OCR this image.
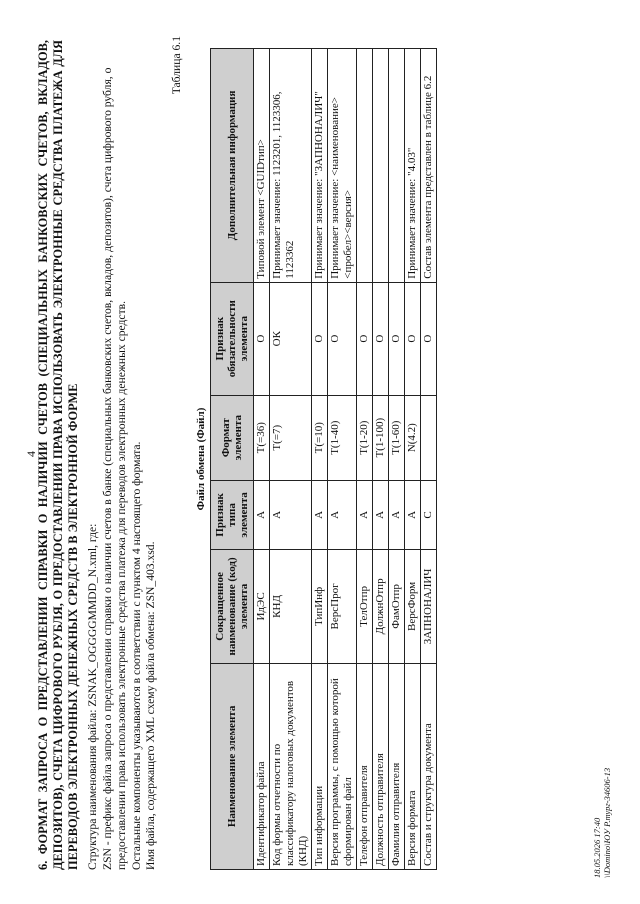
4
6. ФОРМАТ ЗАПРОСА О ПРЕДСТАВЛЕНИИ СПРАВКИ О НАЛИЧИИ СЧЕТОВ (СПЕЦИАЛЬНЫХ БАНКОВСКИХ СЧЕТОВ, ВКЛАДОВ, ДЕПОЗИТОВ), СЧЕТА ЦИФРОВОГО РУБЛЯ, О ПРЕДОСТАВЛЕНИИ ПРАВА ИСПОЛЬЗОВАТЬ ЭЛЕКТРОННЫЕ СРЕДСТВА ПЛАТЕЖА ДЛЯ ПЕРЕВОДОВ ЭЛЕКТРОННЫХ ДЕНЕЖНЫХ СРЕДСТВ В ЭЛЕКТРОННОЙ ФОРМЕ Структура наименования файла: ZSNAK_OGGGGMMDD_N.xml, где: ZSN - префикс файла запроса о представлении справки о наличии счетов в банке (специальных банковских счетов, вкладов, депозитов), счета цифрового рубля, о предоставлении права использовать электронные средства платежа для переводов электронных денежных средств. Остальные компоненты указываются в соответствии с пунктом 4 настоящего формата. Имя файла, содержащего XML схему файла обмена: ZSN_403.xsd.

Таблица 6.1
Файл обмена (Файл)					
Наименование элемента	Сокращенное наименование (код) элемента	Признак типа элемента	Формат элемента	Признак обязательности элемента	Дополнительная информация
Идентификатор файла	ИдЭС	А	T(=36)	О	Типовой элемент <GUIDтип>
Код формы отчетности по классификатору налоговых документов (КНД)	КНД	А	T(=7)	ОК	Принимает значение: 1123201, 1123306, 1123362
Тип информации	ТипИнф	А	T(=10)	О	Принимает значение: "ЗАПНОНАЛИЧ"
Версия программы, с помощью которой сформирован файл	ВерсПрог	А	T(1-40)	О	Принимает значение: <наименование><пробел><версия>
Телефон отправителя	ТелОтпр	А	T(1-20)	О	
Должность отправителя	ДолжнОтпр	А	T(1-100)	О	
Фамилия отправителя	ФамОтпр	А	T(1-60)	О	
Версия формата	ВерсФорм	А	N(4.2)	О	Принимает значение: "4.03"
Состав и структура документа	ЗАПНОНАЛИЧ	С		О	Состав элемента представлен в таблице 6.2
18.05.2026 17:40 \\Domino\ЮУ Р.тург-34606-13
